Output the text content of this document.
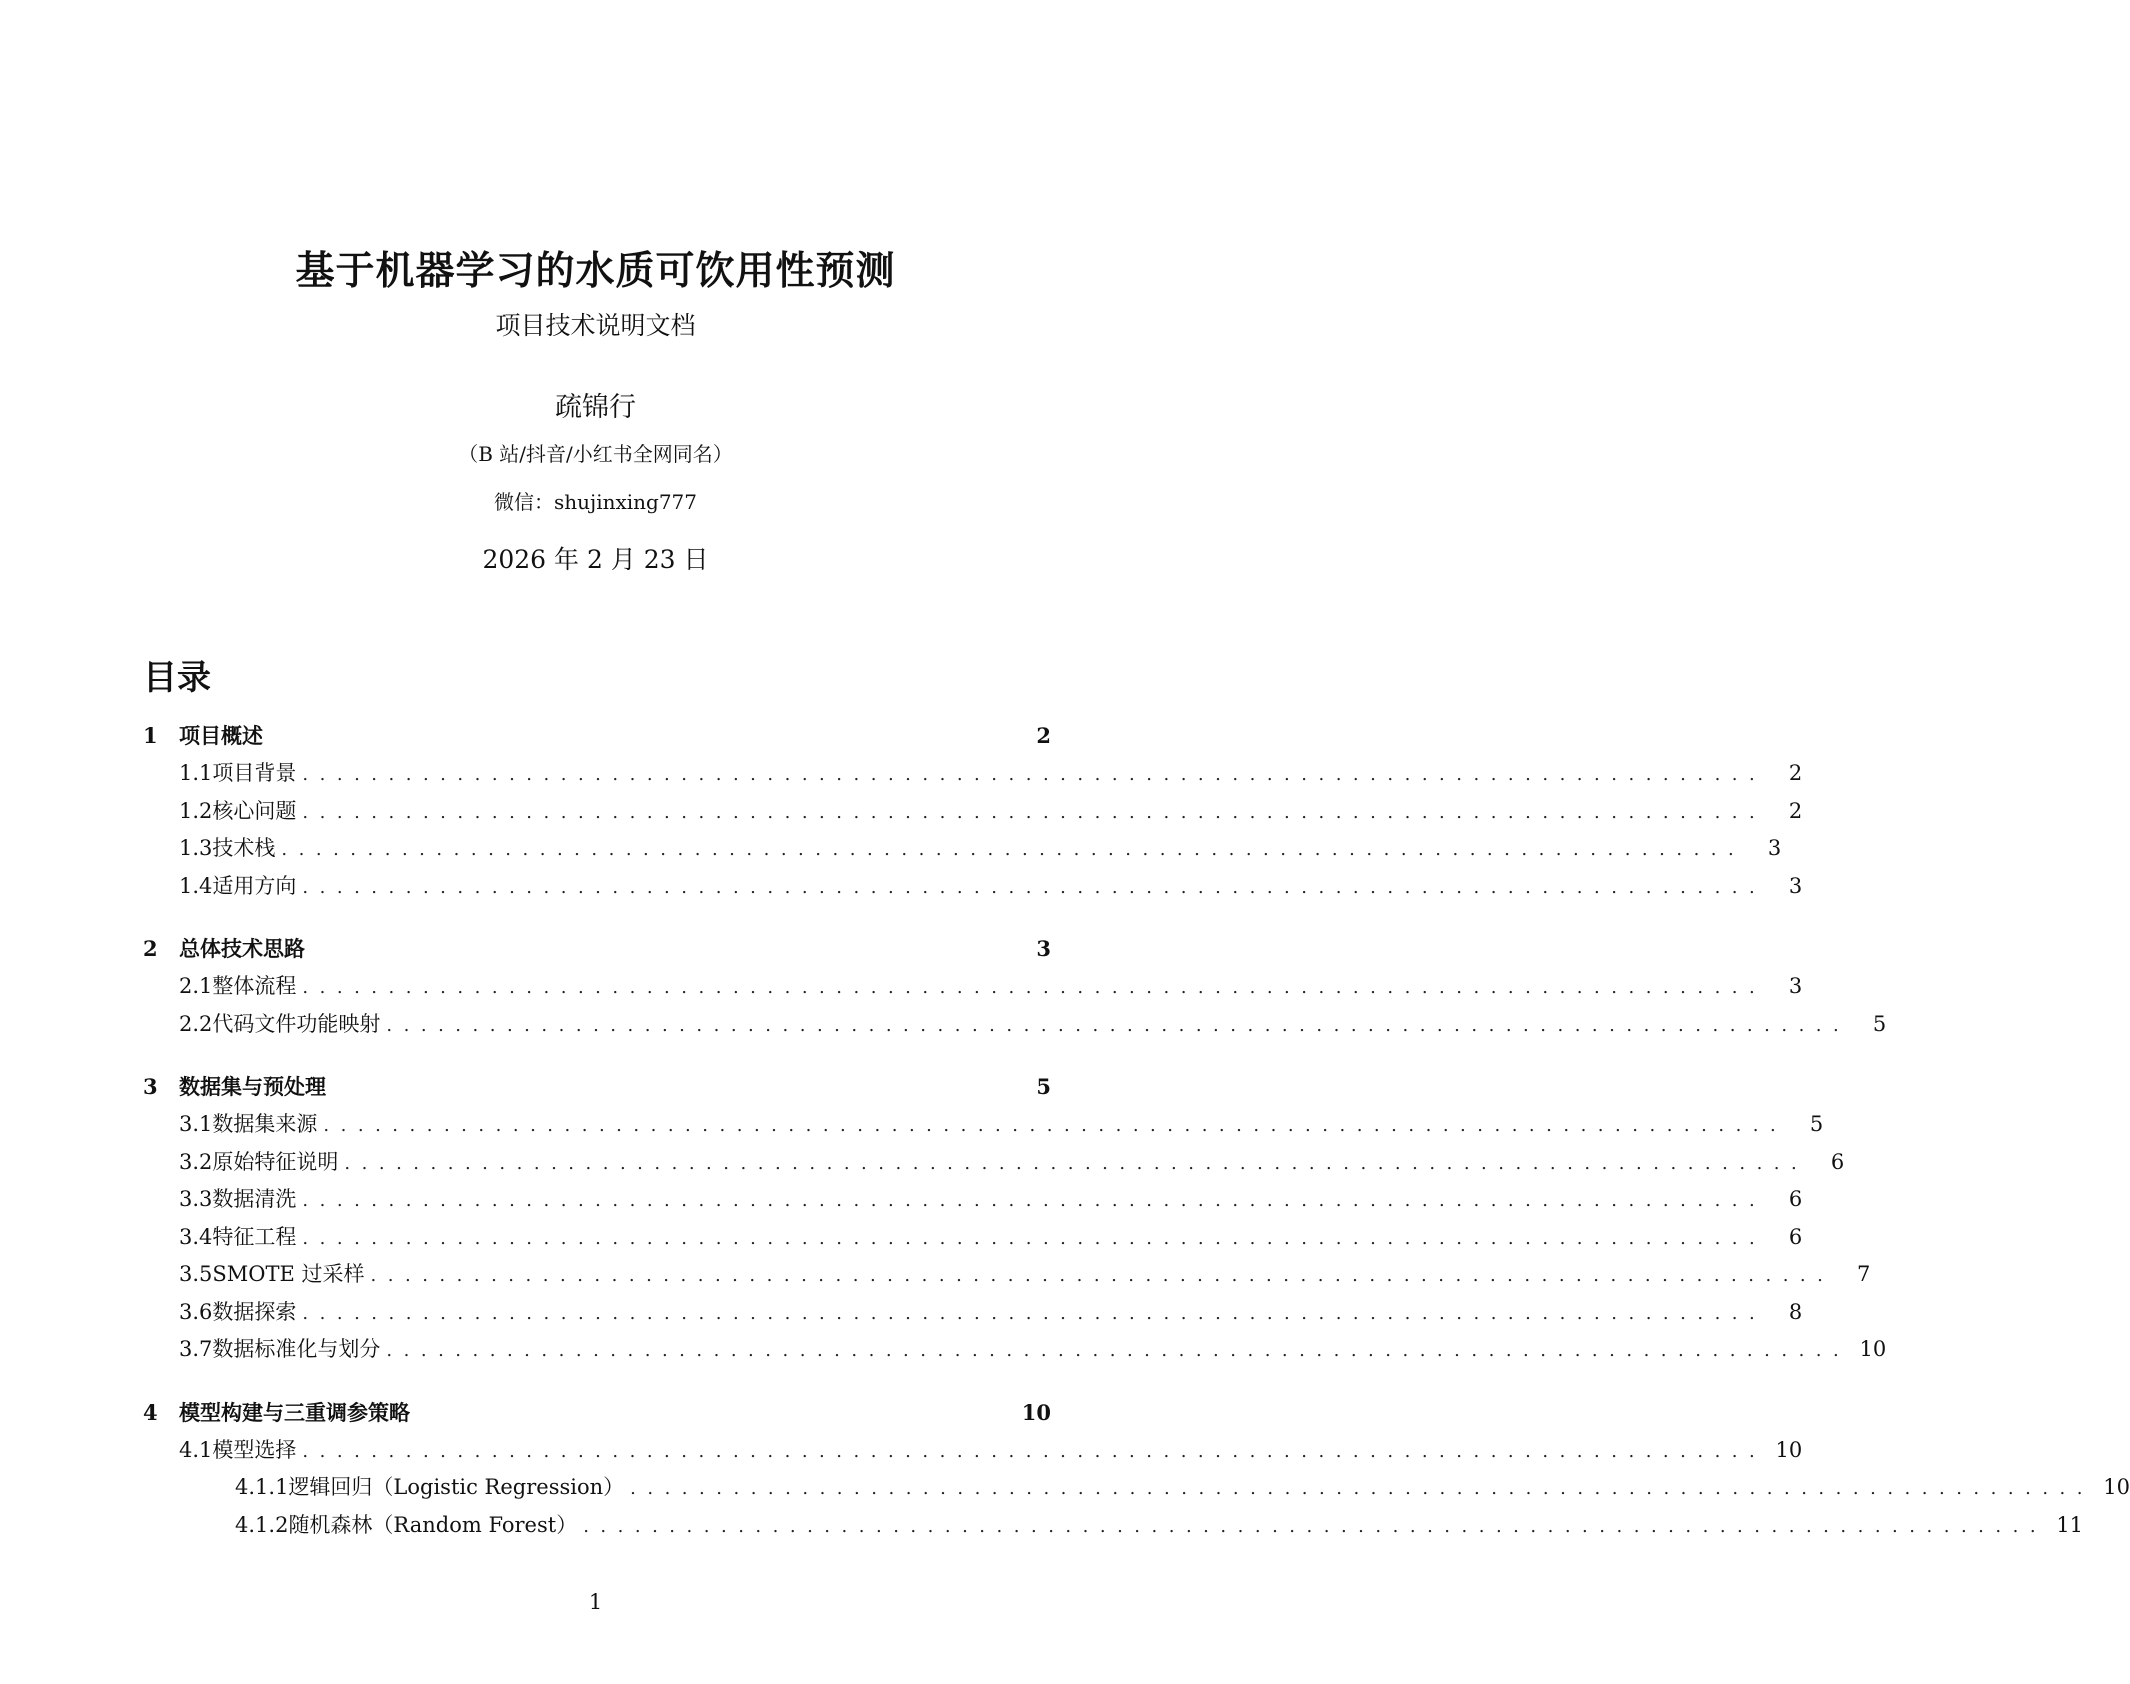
基于机器学习的水质可饮用性预测
项目技术说明文档
疏锦行
（B 站/抖音/小红书全网同名）
微信：shujinxing777
2026 年 2 月 23 日
目录
1	项目概述	2
1.1 项目背景 .....................................................................................	2
1.2 核心问题 .....................................................................................	2
1.3 技术栈 .....................................................................................	3
1.4 适用方向 .....................................................................................	3
2	总体技术思路	3
2.1 整体流程 .....................................................................................	3
2.2 代码文件功能映射 .....................................................................................	5
3	数据集与预处理	5
3.1 数据集来源 .....................................................................................	5
3.2 原始特征说明 .....................................................................................	6
3.3 数据清洗 .....................................................................................	6
3.4 特征工程 .....................................................................................	6
3.5 SMOTE 过采样 .....................................................................................	7
3.6 数据探索 .....................................................................................	8
3.7 数据标准化与划分 ..................................................................................... 10
4	模型构建与三重调参策略	10
4.1 模型选择 ..................................................................................... 10
4.1.1 逻辑回归（Logistic Regression） ..................................................................................... 10
4.1.2 随机森林（Random Forest） ..................................................................................... 11
1
